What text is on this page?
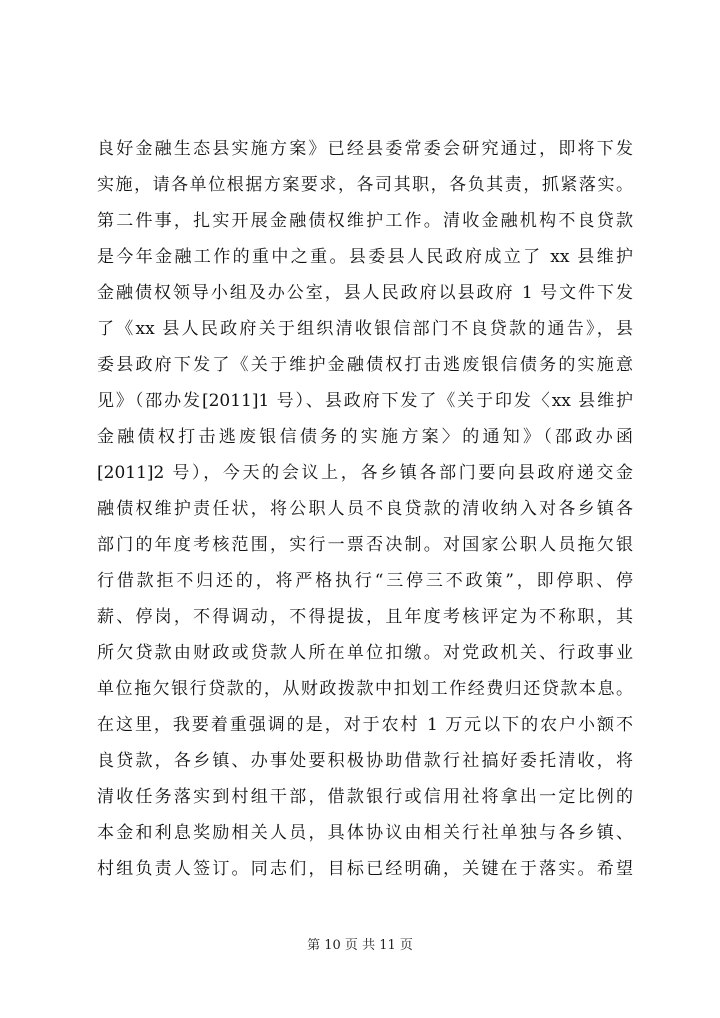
良好金融生态县实施方案》已经县委常委会研究通过，即将下发
实施，请各单位根据方案要求，各司其职，各负其责，抓紧落实。
第二件事，扎实开展金融债权维护工作。清收金融机构不良贷款
是今年金融工作的重中之重。县委县人民政府成立了 xx 县维护
金融债权领导小组及办公室，县人民政府以县政府 1 号文件下发
了《xx 县人民政府关于组织清收银信部门不良贷款的通告》，县
委县政府下发了《关于维护金融债权打击逃废银信债务的实施意
见》（邵办发[2011]1 号）、县政府下发了《关于印发〈xx 县维护
金融债权打击逃废银信债务的实施方案〉的通知》（邵政办函
[2011]2 号），今天的会议上，各乡镇各部门要向县政府递交金
融债权维护责任状，将公职人员不良贷款的清收纳入对各乡镇各
部门的年度考核范围，实行一票否决制。对国家公职人员拖欠银
行借款拒不归还的，将严格执行“三停三不政策”，即停职、停
薪、停岗，不得调动，不得提拔，且年度考核评定为不称职，其
所欠贷款由财政或贷款人所在单位扣缴。对党政机关、行政事业
单位拖欠银行贷款的，从财政拨款中扣划工作经费归还贷款本息。
在这里，我要着重强调的是，对于农村 1 万元以下的农户小额不
良贷款，各乡镇、办事处要积极协助借款行社搞好委托清收，将
清收任务落实到村组干部，借款银行或信用社将拿出一定比例的
本金和利息奖励相关人员，具体协议由相关行社单独与各乡镇、
村组负责人签订。同志们，目标已经明确，关键在于落实。希望
第 10 页 共 11 页
